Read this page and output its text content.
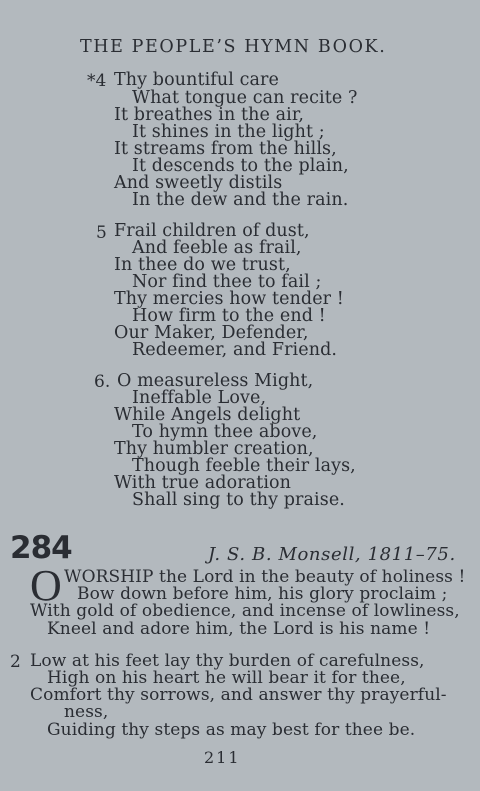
THE PEOPLE’S HYMN BOOK.
*4 Thy bountiful care
What tongue can recite ?
It breathes in the air,
It shines in the light ;
It streams from the hills,
It descends to the plain,
And sweetly distils
In the dew and the rain.
5 Frail children of dust,
And feeble as frail,
In thee do we trust,
Nor find thee to fail ;
Thy mercies how tender !
How firm to the end !
Our Maker, Defender,
Redeemer, and Friend.
6. O measureless Might,
Ineffable Love,
While Angels delight
To hymn thee above,
Thy humbler creation,
Though feeble their lays,
With true adoration
Shall sing to thy praise.
284	J. S. B. Monsell, 1811–75.
O WORSHIP the Lord in the beauty of holiness !
Bow down before him, his glory proclaim ;
With gold of obedience, and incense of lowliness,
Kneel and adore him, the Lord is his name !
2 Low at his feet lay thy burden of carefulness,
High on his heart he will bear it for thee,
Comfort thy sorrows, and answer thy prayerful-
ness,
Guiding thy steps as may best for thee be.
211
